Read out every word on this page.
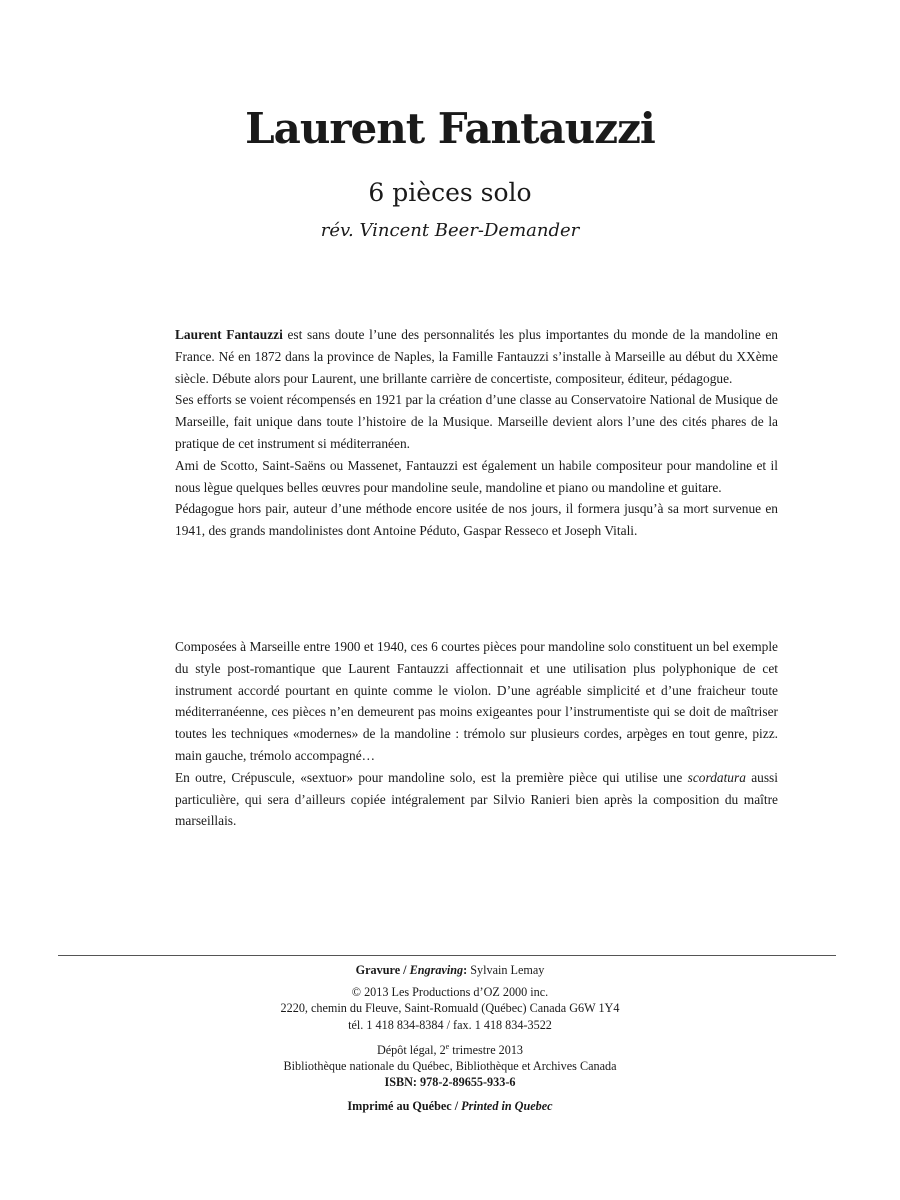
Laurent Fantauzzi
6 pièces solo
rév. Vincent Beer-Demander

Laurent Fantauzzi est sans doute l’une des personnalités les plus importantes du monde de la mandoline en France. Né en 1872 dans la province de Naples, la Famille Fantauzzi s’installe à Marseille au début du XXème siècle. Débute alors pour Laurent, une brillante carrière de concertiste, compositeur, éditeur, pédagogue.

Ses efforts se voient récompensés en 1921 par la création d’une classe au Conservatoire National de Musique de Marseille, fait unique dans toute l’histoire de la Musique. Marseille devient alors l’une des cités phares de la pratique de cet instrument si méditerranéen.

Ami de Scotto, Saint-Saëns ou Massenet, Fantauzzi est également un habile compositeur pour mandoline et il nous lègue quelques belles œuvres pour mandoline seule, mandoline et piano ou mandoline et guitare.

Pédagogue hors pair, auteur d’une méthode encore usitée de nos jours, il formera jusqu’à sa mort survenue en 1941, des grands mandolinistes dont Antoine Péduto, Gaspar Resseco et Joseph Vitali.

Composées à Marseille entre 1900 et 1940, ces 6 courtes pièces pour mandoline solo constituent un bel exemple du style post-romantique que Laurent Fantauzzi affectionnait et une utilisation plus polyphonique de cet instrument accordé pourtant en quinte comme le violon. D’une agréable simplicité et d’une fraicheur toute méditerranéenne, ces pièces n’en demeurent pas moins exigeantes pour l’instrumentiste qui se doit de maîtriser toutes les techniques «modernes» de la mandoline : trémolo sur plusieurs cordes, arpèges en tout genre, pizz. main gauche, trémolo accompagné…

En outre, Crépuscule, «sextuor» pour mandoline solo, est la première pièce qui utilise une scordatura aussi particulière, qui sera d’ailleurs copiée intégralement par Silvio Ranieri bien après la composition du maître marseillais.

Gravure / Engraving: Sylvain Lemay
© 2013 Les Productions d’OZ 2000 inc.
2220, chemin du Fleuve, Saint-Romuald (Québec) Canada G6W 1Y4
tél. 1 418 834-8384 / fax. 1 418 834-3522
Dépôt légal, 2e trimestre 2013
Bibliothèque nationale du Québec, Bibliothèque et Archives Canada
ISBN: 978-2-89655-933-6
Imprimé au Québec / Printed in Quebec
